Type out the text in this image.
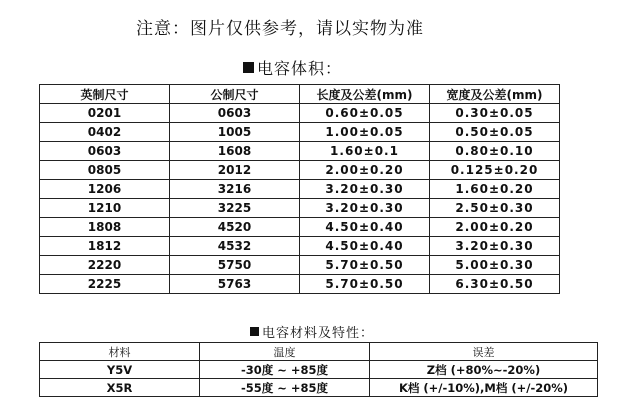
注意：图片仅供参考，请以实物为准
电容体积：
英制尺寸	公制尺寸	长度及公差(mm)	宽度及公差(mm)
0201	0603	0.60±0.05	0.30±0.05
0402	1005	1.00±0.05	0.50±0.05
0603	1608	1.60±0.1	0.80±0.10
0805	2012	2.00±0.20	0.125±0.20
1206	3216	3.20±0.30	1.60±0.20
1210	3225	3.20±0.30	2.50±0.30
1808	4520	4.50±0.40	2.00±0.20
1812	4532	4.50±0.40	3.20±0.30
2220	5750	5.70±0.50	5.00±0.30
2225	5763	5.70±0.50	6.30±0.50
电容材料及特性：
材料	温度	误差
Y5V	-30度 ~ +85度	Z档 (+80%~-20%)
X5R	-55度 ~ +85度	K档 (+/-10%),M档 (+/-20%)
